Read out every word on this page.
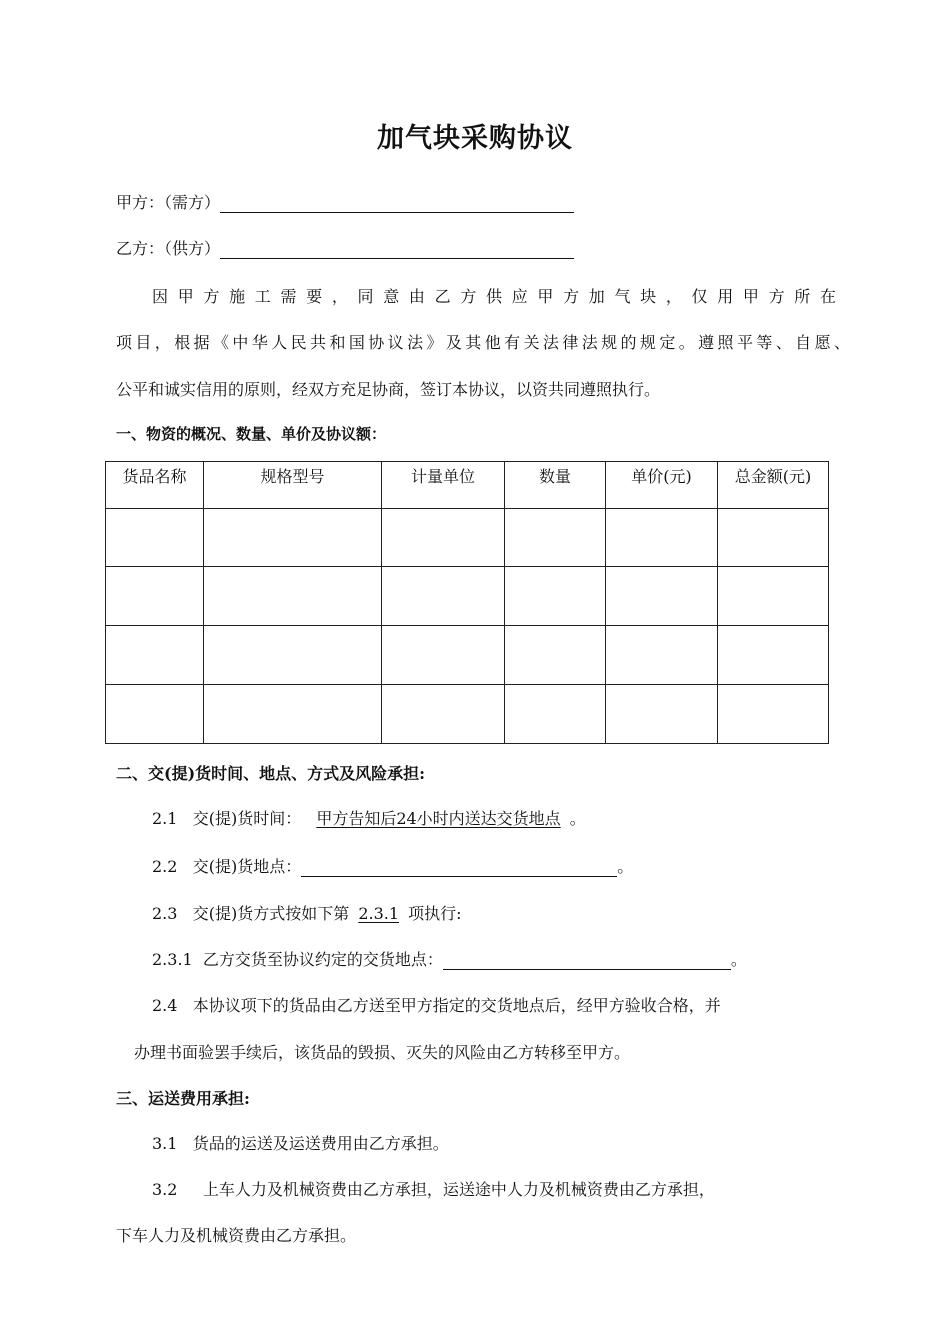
加气块采购协议
甲方：（需方）
乙方：（供方）
因甲方施工需要，同意由乙方供应甲方加气块，仅用甲方所在
项目，根据《中华人民共和国协议法》及其他有关法律法规的规定。遵照平等、自愿、
公平和诚实信用的原则，经双方充足协商，签订本协议，以资共同遵照执行。
一、物资的概况、数量、单价及协议额：
货品名称	规格型号	计量单位	数量	单价(元)	总金额(元)

二、交(提)货时间、地点、方式及风险承担:
2.1 交(提)货时间： 甲方告知后24小时内送达交货地点 。
2.2 交(提)货地点：	。
2.3 交(提)货方式按如下第 2.3.1 项执行:
2.3.1 乙方交货至协议约定的交货地点：	。
2.4 本协议项下的货品由乙方送至甲方指定的交货地点后，经甲方验收合格，并
办理书面验罢手续后，该货品的毁损、灭失的风险由乙方转移至甲方。
三、运送费用承担:
3.1 货品的运送及运送费用由乙方承担。
3.2 上车人力及机械资费由乙方承担，运送途中人力及机械资费由乙方承担，
下车人力及机械资费由乙方承担。
